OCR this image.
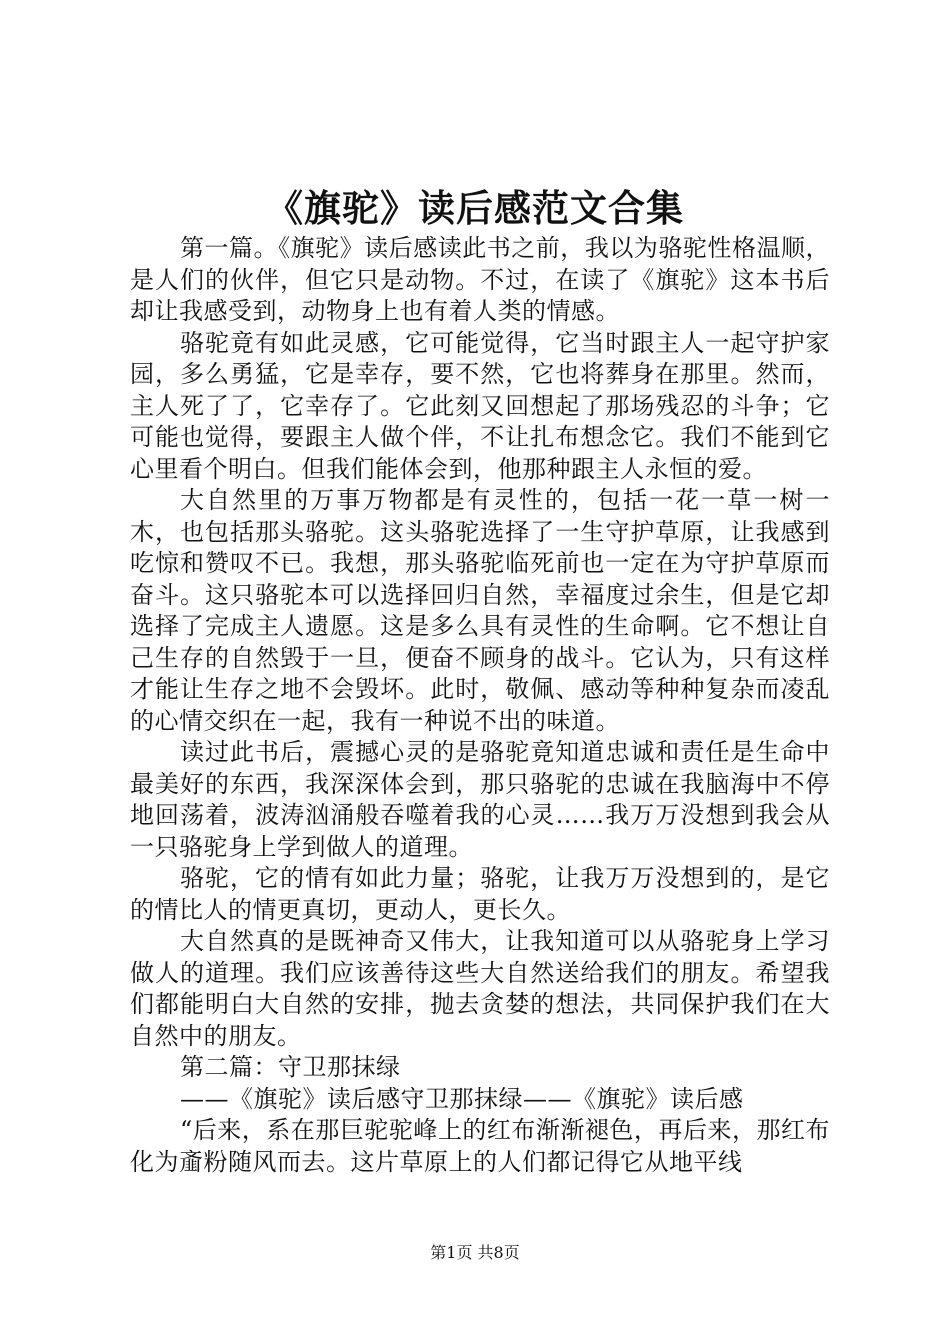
《旗驼》读后感范文合集

第一篇。《旗驼》读后感读此书之前，我以为骆驼性格温顺，是人们的伙伴，但它只是动物。不过，在读了《旗驼》这本书后却让我感受到，动物身上也有着人类的情感。

骆驼竟有如此灵感，它可能觉得，它当时跟主人一起守护家园，多么勇猛，它是幸存，要不然，它也将葬身在那里。然而，主人死了了，它幸存了。它此刻又回想起了那场残忍的斗争；它可能也觉得，要跟主人做个伴，不让扎布想念它。我们不能到它心里看个明白。但我们能体会到，他那种跟主人永恒的爱。

大自然里的万事万物都是有灵性的，包括一花一草一树一木，也包括那头骆驼。这头骆驼选择了一生守护草原，让我感到吃惊和赞叹不已。我想，那头骆驼临死前也一定在为守护草原而奋斗。这只骆驼本可以选择回归自然，幸福度过余生，但是它却选择了完成主人遗愿。这是多么具有灵性的生命啊。它不想让自己生存的自然毁于一旦，便奋不顾身的战斗。它认为，只有这样才能让生存之地不会毁坏。此时，敬佩、感动等种种复杂而凌乱的心情交织在一起，我有一种说不出的味道。

读过此书后，震撼心灵的是骆驼竟知道忠诚和责任是生命中最美好的东西，我深深体会到，那只骆驼的忠诚在我脑海中不停地回荡着，波涛汹涌般吞噬着我的心灵……我万万没想到我会从一只骆驼身上学到做人的道理。

骆驼，它的情有如此力量；骆驼，让我万万没想到的，是它的情比人的情更真切，更动人，更长久。

大自然真的是既神奇又伟大，让我知道可以从骆驼身上学习做人的道理。我们应该善待这些大自然送给我们的朋友。希望我们都能明白大自然的安排，抛去贪婪的想法，共同保护我们在大自然中的朋友。

第二篇：守卫那抹绿

——《旗驼》读后感守卫那抹绿——《旗驼》读后感

“后来，系在那巨驼驼峰上的红布渐渐褪色，再后来，那红布化为齑粉随风而去。这片草原上的人们都记得它从地平线

第1页 共8页
